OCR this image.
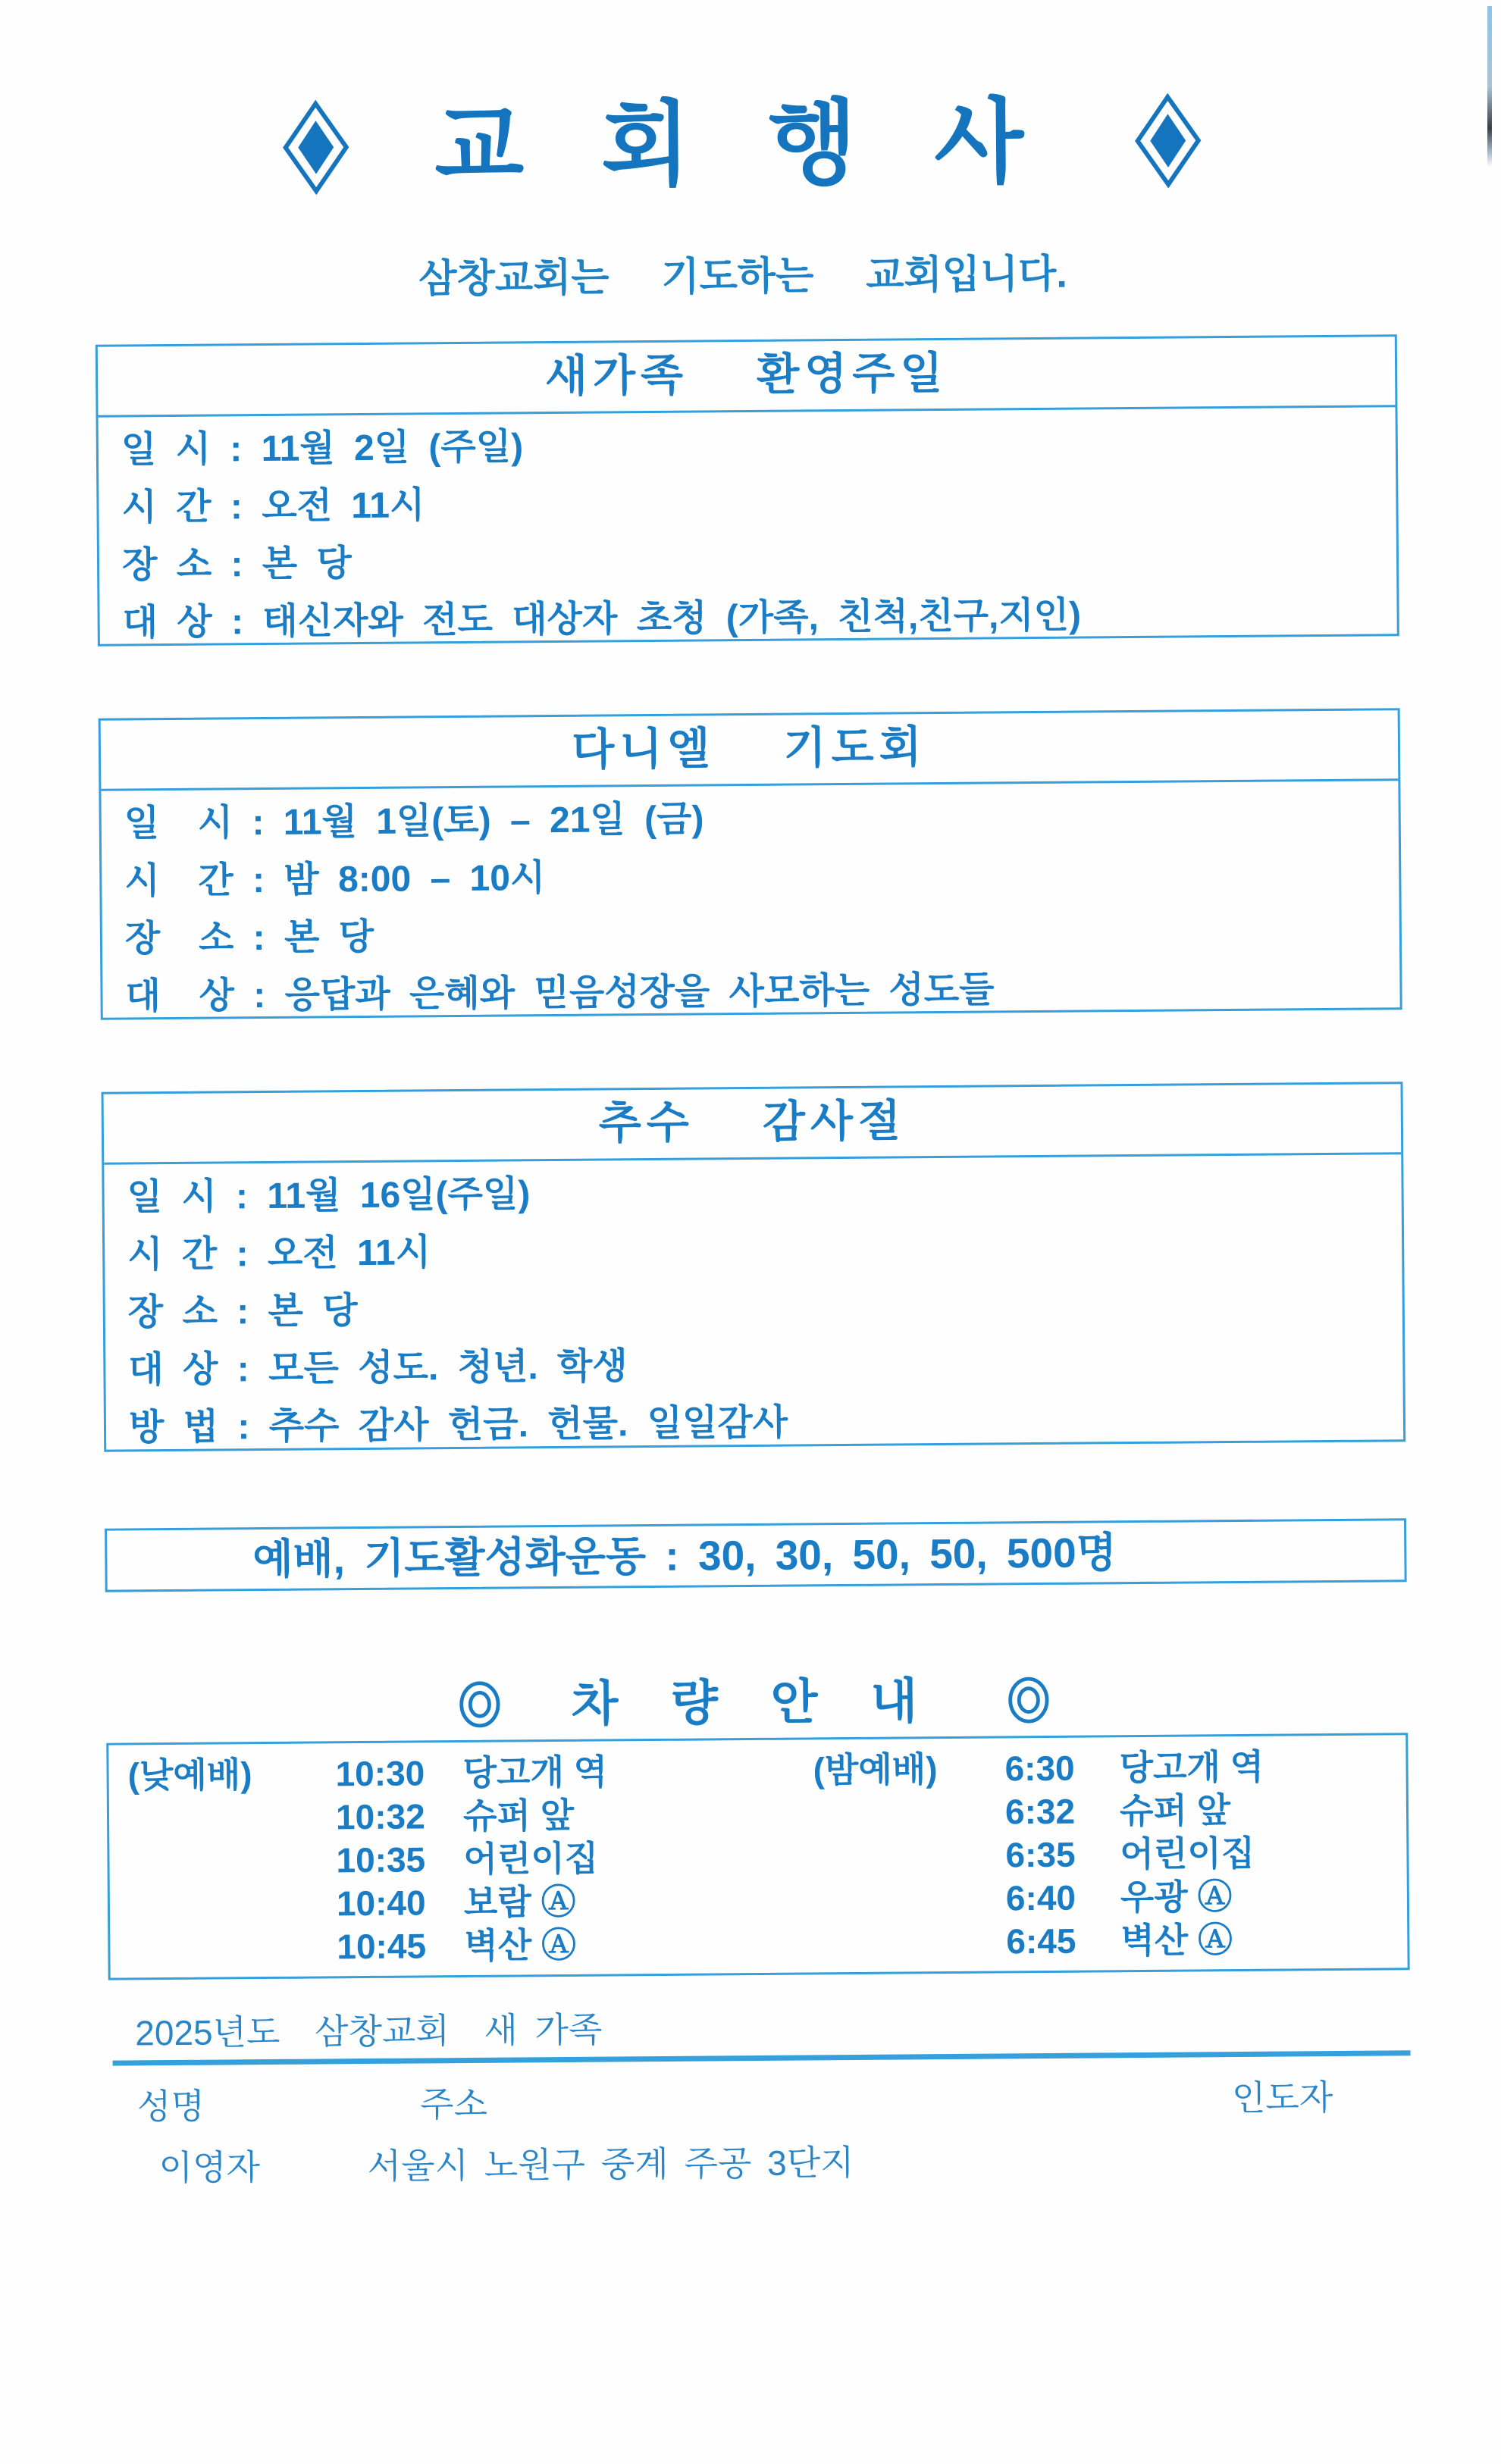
교 회 행 사
삼창교회는  기도하는  교회입니다.
새가족  환영주일
일 시 : 11월 2일 (주일)
시 간 : 오전 11시
장 소 : 본 당
대 상 : 태신자와 전도 대상자 초청 (가족, 친척,친구,지인)
다니엘  기도회
일  시 : 11월 1일(토) – 21일 (금)
시  간 : 밤 8:00 – 10시
장  소 : 본 당
대  상 : 응답과 은혜와 믿음성장을 사모하는 성도들
추수  감사절
일 시 : 11월 16일(주일)
시 간 : 오전 11시
장 소 : 본 당
대 상 : 모든 성도. 청년. 학생
방 법 : 추수 감사 헌금. 헌물. 일일감사
예배, 기도활성화운동 : 30, 30, 50, 50, 500명
차 량 안 내
(낮예배)	10:30	당고개 역	(밤예배)	6:30	당고개 역
10:32	슈퍼 앞	6:32	슈퍼 앞
10:35	어린이집	6:35	어린이집
10:40	보람 Ⓐ	6:40	우광 Ⓐ
10:45	벽산 Ⓐ	6:45	벽산 Ⓐ
2025년도  삼창교회  새 가족
성명	주소	인도자
이영자	서울시 노원구 중계 주공 3단지
